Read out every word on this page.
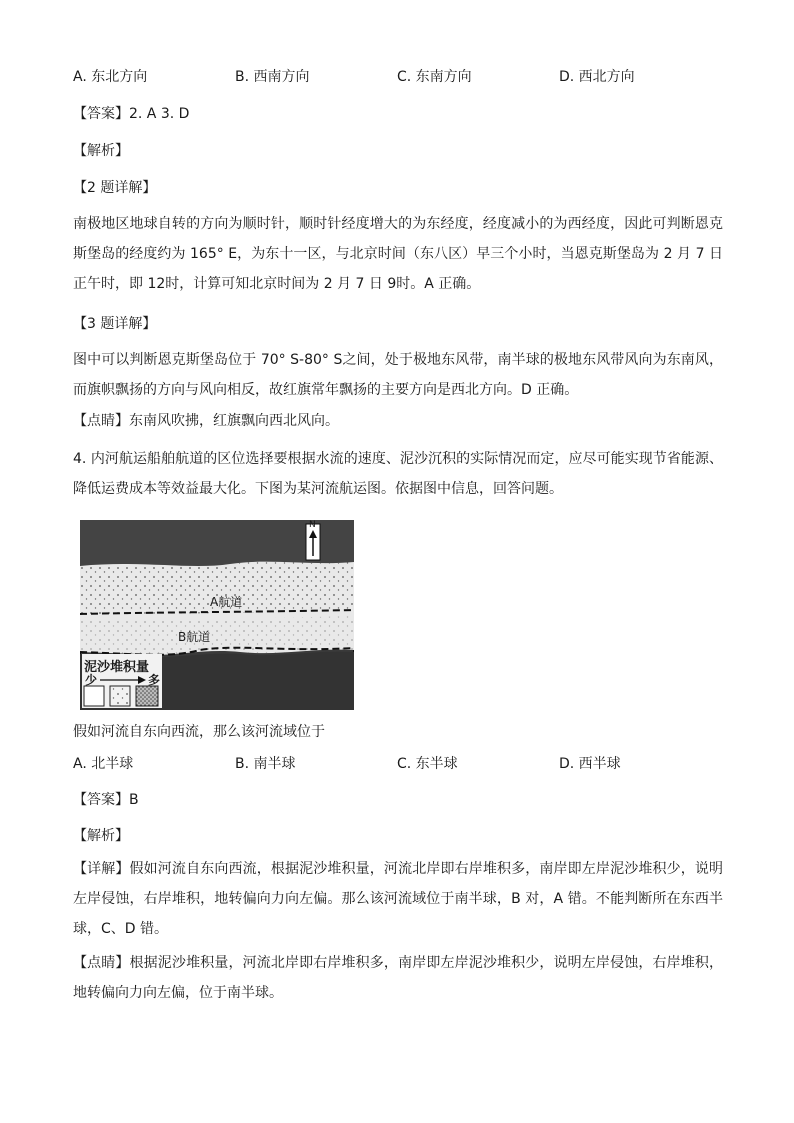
A. 东北方向	B. 西南方向	C. 东南方向	D. 西北方向
【答案】2. A 3. D
【解析】
【2 题详解】
南极地区地球自转的方向为顺时针，顺时针经度增大的为东经度，经度减小的为西经度，因此可判断恩克斯堡岛的经度约为 165° E，为东十一区，与北京时间（东八区）早三个小时，当恩克斯堡岛为 2 月 7 日正午时，即 12时，计算可知北京时间为 2 月 7 日 9时。A 正确。
【3 题详解】
图中可以判断恩克斯堡岛位于 70° S-80° S之间，处于极地东风带，南半球的极地东风带风向为东南风，而旗帜飘扬的方向与风向相反，故红旗常年飘扬的主要方向是西北方向。D 正确。
【点睛】东南风吹拂，红旗飘向西北风向。
4. 内河航运船舶航道的区位选择要根据水流的速度、泥沙沉积的实际情况而定，应尽可能实现节省能源、降低运费成本等效益最大化。下图为某河流航运图。依据图中信息，回答问题。
N
A航道
B航道
泥沙堆积量
少	多
假如河流自东向西流，那么该河流域位于
A. 北半球	B. 南半球	C. 东半球	D. 西半球
【答案】B
【解析】
【详解】假如河流自东向西流，根据泥沙堆积量，河流北岸即右岸堆积多，南岸即左岸泥沙堆积少，说明左岸侵蚀，右岸堆积，地转偏向力向左偏。那么该河流域位于南半球，B 对，A 错。不能判断所在东西半球，C、D 错。
【点睛】根据泥沙堆积量，河流北岸即右岸堆积多，南岸即左岸泥沙堆积少，说明左岸侵蚀，右岸堆积，地转偏向力向左偏，位于南半球。
